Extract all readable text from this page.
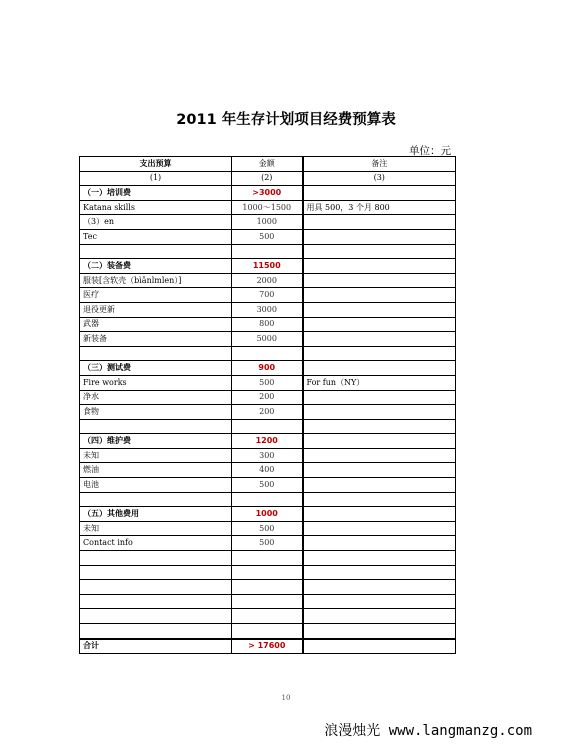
2011 年生存计划项目经费预算表
单位：元
支出预算	金额	备注
(1)	(2)	(3)
（一）培训费	>3000	
Katana skills	1000～1500	用具 500，3 个月 800
（3）en	1000	
Tec	500	

（二）装备费	11500	
服装[含软壳（bìǎnlmlen）]	2000	
医疗	700	
退役更新	3000	
武器	800	
新装备	5000	

（三）测试费	900	
Fire works	500	For fun（NY）
净水	200	
食物	200	

（四）维护费	1200	
未知	300	
燃油	400	
电池	500	

（五）其他费用	1000	
未知	500	
Contact info	500	

合计	> 17600	
10
浪漫烛光 www.langmanzg.com
